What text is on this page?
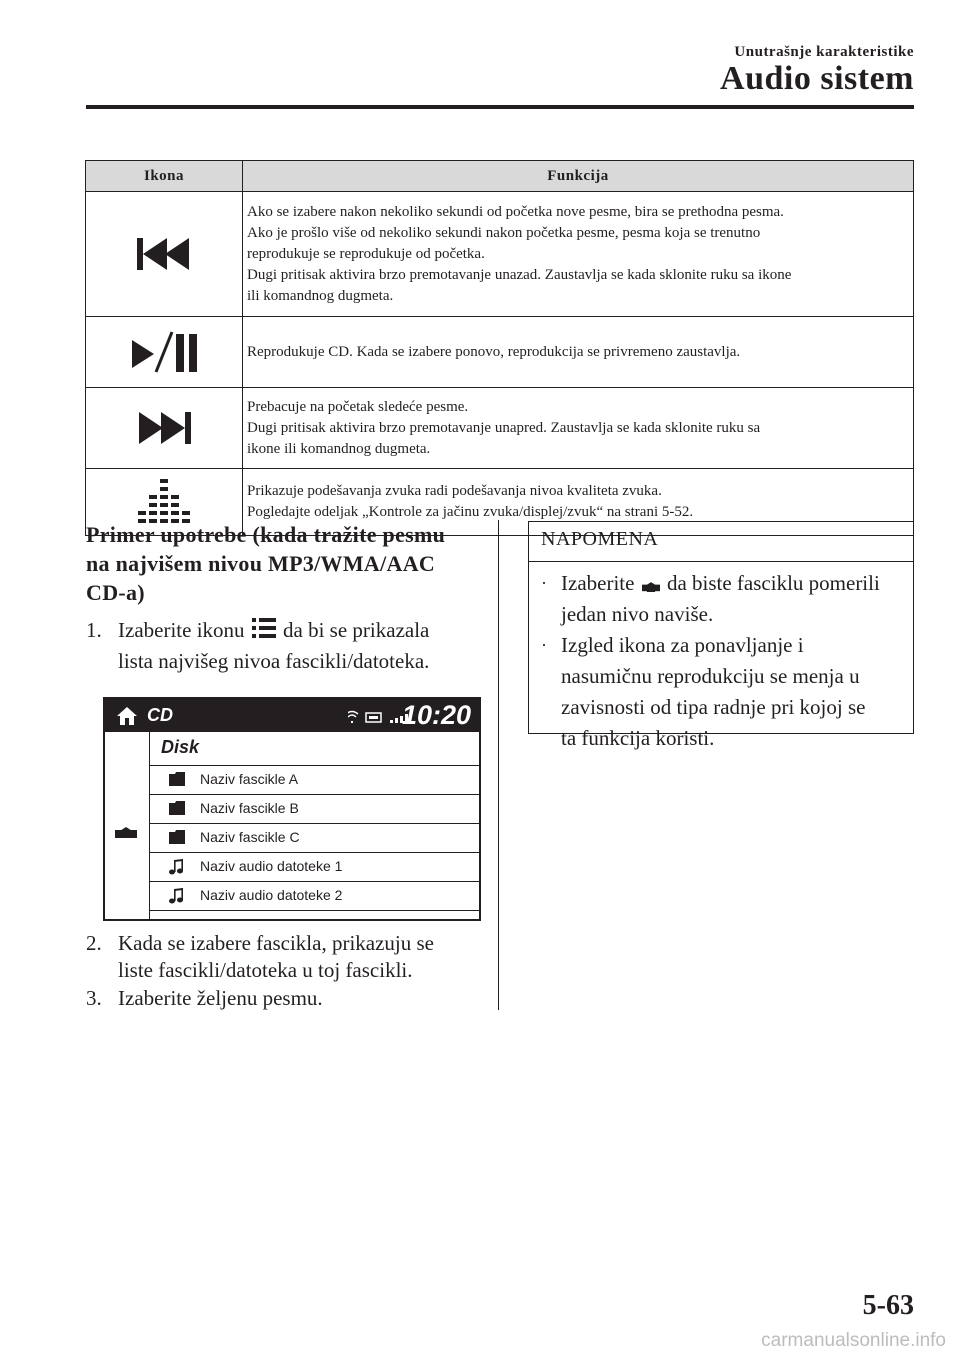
Unutrašnje karakteristike
Audio sistem
Ikona	Funkcija

Ako se izabere nakon nekoliko sekundi od početka nove pesme, bira se prethodna pesma.
Ako je prošlo više od nekoliko sekundi nakon početka pesme, pesma koja se trenutno
reprodukuje se reprodukuje od početka.
Dugi pritisak aktivira brzo premotavanje unazad. Zaustavlja se kada sklonite ruku sa ikone
ili komandnog dugmeta.

Reprodukuje CD. Kada se izabere ponovo, reprodukcija se privremeno zaustavlja.

Prebacuje na početak sledeće pesme.
Dugi pritisak aktivira brzo premotavanje unapred. Zaustavlja se kada sklonite ruku sa
ikone ili komandnog dugmeta.

Prikazuje podešavanja zvuka radi podešavanja nivoa kvaliteta zvuka.
Pogledajte odeljak „Kontrole za jačinu zvuka/displej/zvuk“ na strani 5-52.
Primer upotrebe (kada tražite pesmu na najvišem nivou MP3/WMA/AAC CD-a)
1. Izaberite ikonu da bi se prikazala
lista najvišeg nivoa fascikli/datoteka.
CD	10:20
Disk
Naziv fascikle A
Naziv fascikle B
Naziv fascikle C
Naziv audio datoteke 1
Naziv audio datoteke 2
2. Kada se izabere fascikla, prikazuju se
liste fascikli/datoteka u toj fascikli.
3. Izaberite željenu pesmu.
NAPOMENA
· Izaberite da biste fasciklu pomerili
jedan nivo naviše.
· Izgled ikona za ponavljanje i
nasumičnu reprodukciju se menja u
zavisnosti od tipa radnje pri kojoj se
ta funkcija koristi.
5-63
carmanualsonline.info
